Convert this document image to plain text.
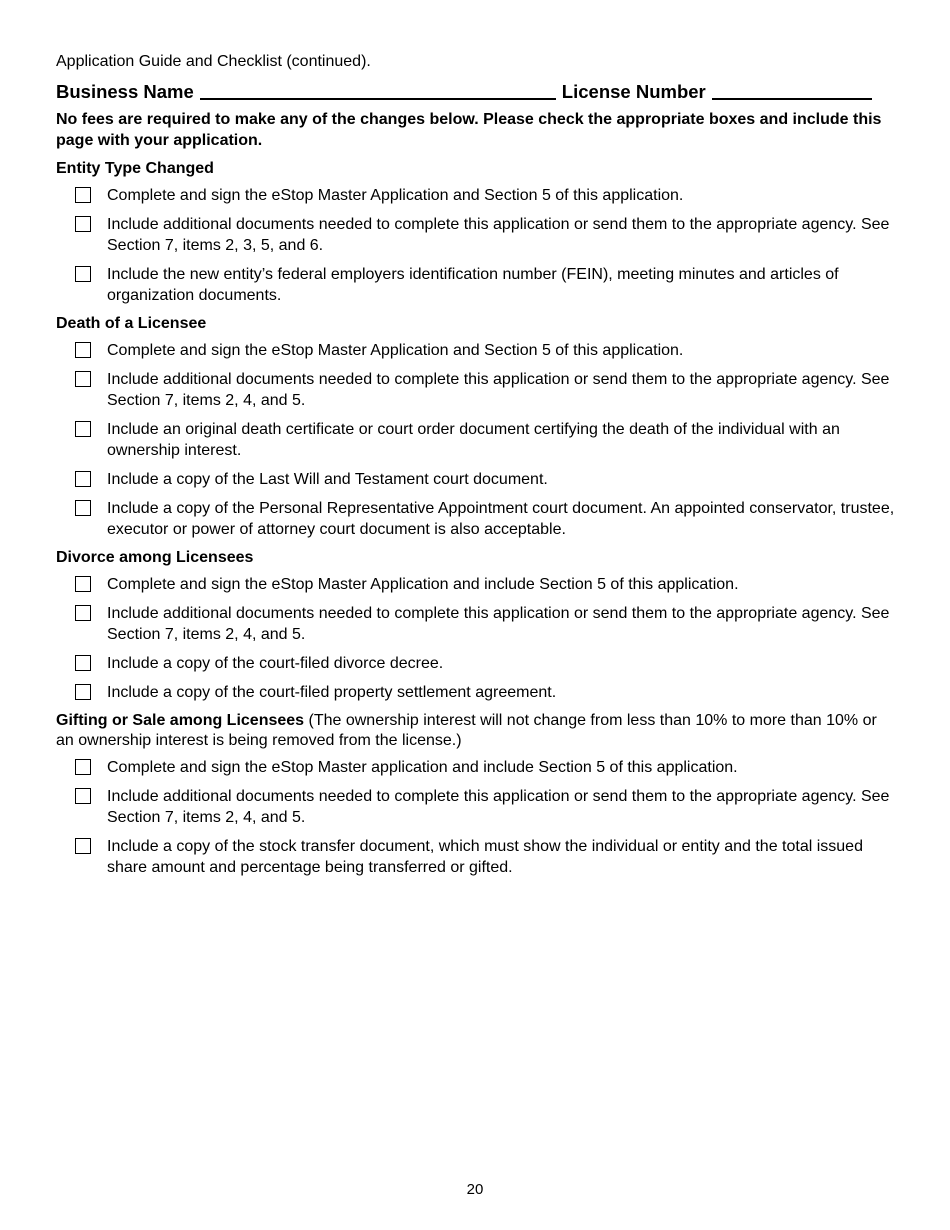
Application Guide and Checklist (continued).
Business Name	License Number
No fees are required to make any of the changes below. Please check the appropriate boxes and include this page with your application.
Entity Type Changed
Complete and sign the eStop Master Application and Section 5 of this application.
Include additional documents needed to complete this application or send them to the appropriate agency. See Section 7, items 2, 3, 5, and 6.
Include the new entity’s federal employers identification number (FEIN), meeting minutes and articles of organization documents.
Death of a Licensee
Complete and sign the eStop Master Application and Section 5 of this application.
Include additional documents needed to complete this application or send them to the appropriate agency. See Section 7, items 2, 4, and 5.
Include an original death certificate or court order document certifying the death of the individual with an ownership interest.
Include a copy of the Last Will and Testament court document.
Include a copy of the Personal Representative Appointment court document. An appointed conservator, trustee, executor or power of attorney court document is also acceptable.
Divorce among Licensees
Complete and sign the eStop Master Application and include Section 5 of this application.
Include additional documents needed to complete this application or send them to the appropriate agency. See Section 7, items 2, 4, and 5.
Include a copy of the court-filed divorce decree.
Include a copy of the court-filed property settlement agreement.
Gifting or Sale among Licensees (The ownership interest will not change from less than 10% to more than 10% or an ownership interest is being removed from the license.)
Complete and sign the eStop Master application and include Section 5 of this application.
Include additional documents needed to complete this application or send them to the appropriate agency. See Section 7, items 2, 4, and 5.
Include a copy of the stock transfer document, which must show the individual or entity and the total issued share amount and percentage being transferred or gifted.
20
